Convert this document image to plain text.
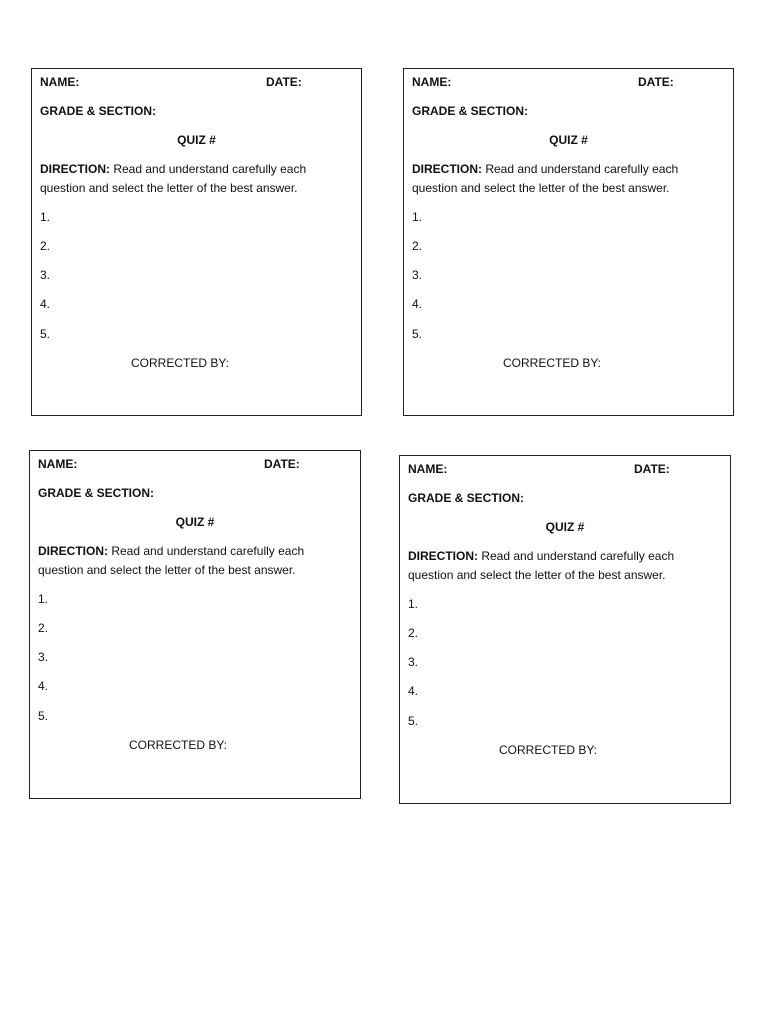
NAME:	DATE:
GRADE & SECTION:
QUIZ #
DIRECTION: Read and understand carefully each question and select the letter of the best answer.
1.
2.
3.
4.
5.
CORRECTED BY:
NAME:	DATE:
GRADE & SECTION:
QUIZ #
DIRECTION: Read and understand carefully each question and select the letter of the best answer.
1.
2.
3.
4.
5.
CORRECTED BY:
NAME:	DATE:
GRADE & SECTION:
QUIZ #
DIRECTION: Read and understand carefully each question and select the letter of the best answer.
1.
2.
3.
4.
5.
CORRECTED BY:
NAME:	DATE:
GRADE & SECTION:
QUIZ #
DIRECTION: Read and understand carefully each question and select the letter of the best answer.
1.
2.
3.
4.
5.
CORRECTED BY:
